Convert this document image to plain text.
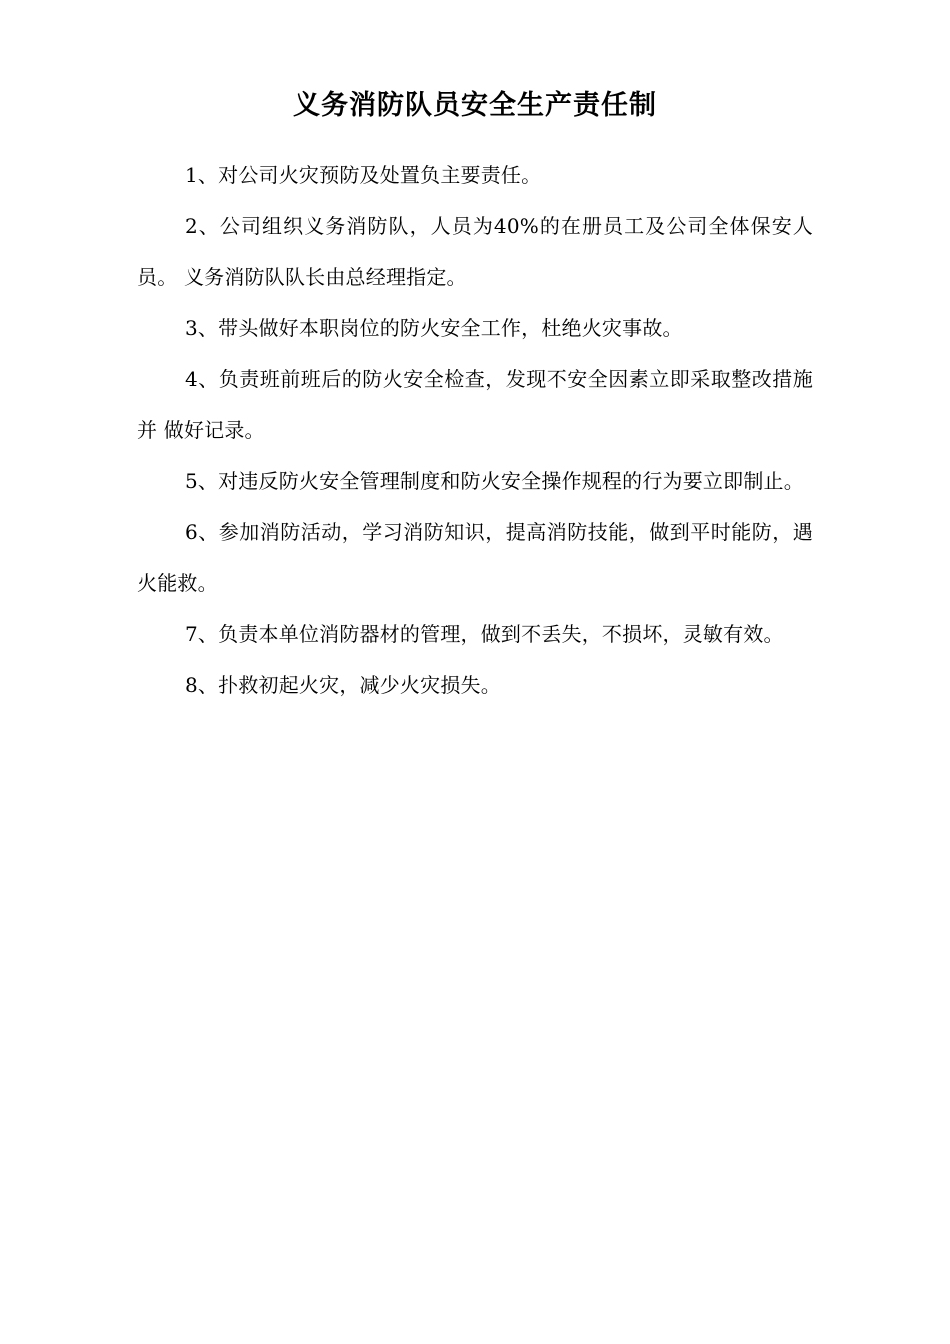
义务消防队员安全生产责任制

1、对公司火灾预防及处置负主要责任。

2、公司组织义务消防队，人员为40%的在册员工及公司全体保安人员。 义务消防队队长由总经理指定。

3、带头做好本职岗位的防火安全工作，杜绝火灾事故。

4、负责班前班后的防火安全检查，发现不安全因素立即采取整改措施并 做好记录。

5、对违反防火安全管理制度和防火安全操作规程的行为要立即制止。

6、参加消防活动，学习消防知识，提高消防技能，做到平时能防，遇火能救。

7、负责本单位消防器材的管理，做到不丢失，不损坏，灵敏有效。

8、扑救初起火灾，减少火灾损失。
